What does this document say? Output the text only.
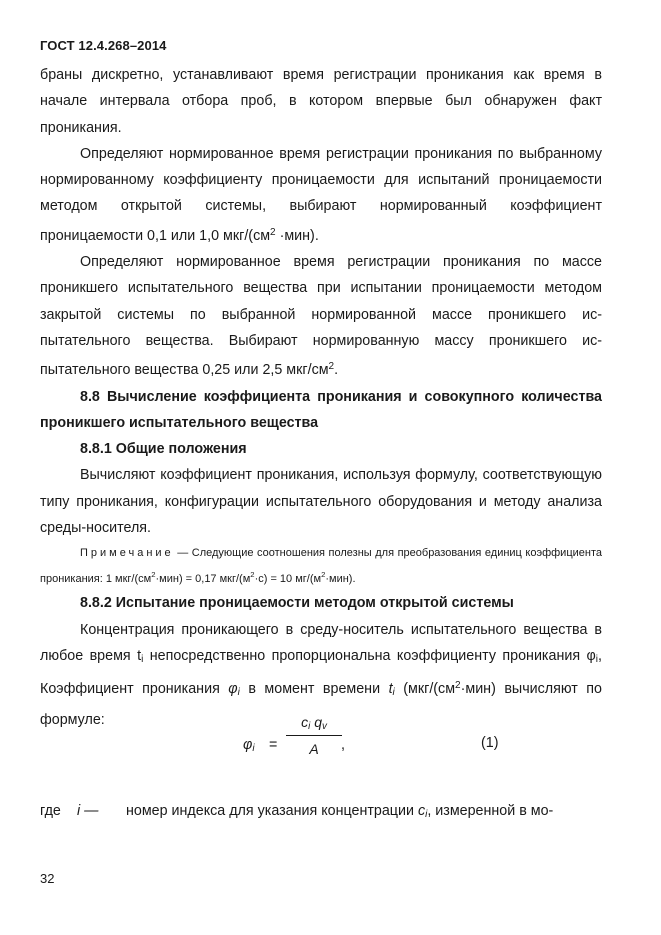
ГОСТ 12.4.268–2014

браны дискретно, устанавливают время регистрации проникания как время в начале интервала отбора проб, в котором впервые был обнаружен факт проникания.

Определяют нормированное время регистрации проникания по выбранному нормированному коэффициенту проницаемости для испытаний проницаемости методом открытой системы, выбирают нормированный коэффициент проницаемости 0,1 или 1,0 мкг/$(см^2 \cdot мин)$.

Определяют нормированное время регистрации проникания по массе проникшего испытательного вещества при испытании проницаемости методом закрытой системы по выбранной нормированной массе проникшего испытательного вещества. Выбирают нормированную массу проникшего испытательного вещества 0,25 или 2,5 мкг/$см^2$.

8.8 Вычисление коэффициента проникания и совокупного количества проникшего испытательного вещества

8.8.1 Общие положения

Вычисляют коэффициент проникания, используя формулу, соответствующую типу проникания, конфигурации испытательного оборудования и методу анализа среды-носителя.

Примечание — Следующие соотношения полезны для преобразования единиц коэффициента проникания: 1 мкг/$(см^2\cdot мин) = 0,17$ мкг/$(м^2\cdot с) = 10$ $мг/(м^2\cdot мин)$.

8.8.2 Испытание проницаемости методом открытой системы

Концентрация проникающего в среду-носитель испытательного вещества в любое время $t_i$ непосредственно пропорциональна коэффициенту проникания $\varphi_i$, Коэффициент проникания $\varphi_i$ в момент времени $t_i$ ($мкг/(см^2\cdot мин)$ вычисляют по формуле:

$\varphi_i$ =
$c_i$ $q_v$
A	,	(1)
где i — номер индекса для указания концентрации $c_i$, измеренной в мо-
32
